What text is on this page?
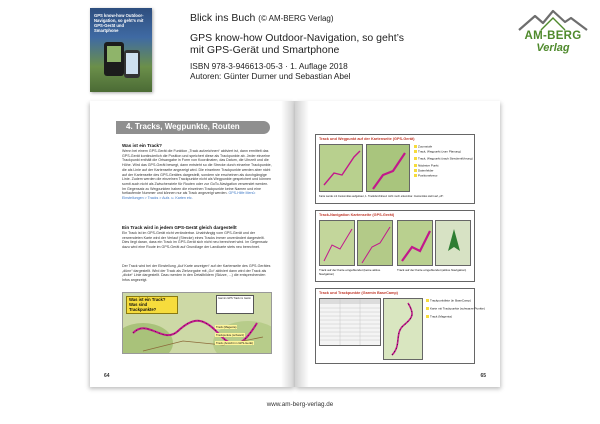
GPS know-how Outdoor-Navigation, so geht’s mit GPS-Gerät und Smartphone
Blick ins Buch (© AM-BERG Verlag)
GPS know-how Outdoor-Navigation, so geht’s
mit GPS-Gerät und Smartphone
ISBN 978-3-946613-05-3 · 1. Auflage 2018
Autoren: Günter Durner und Sebastian Abel
AM-BERG
Verlag
4. Tracks, Wegpunkte, Routen
Was ist ein Track?
Wenn bei einem GPS-Gerät die Funktion „Track aufzeichnen“ aktiviert ist, dann ermittelt das GPS-Gerät kontinuierlich die Position und speichert diese als Trackpunkte ab. Jeder einzelne Trackpunkt enthält die Ortsangabe in Form von Koordinaten, das Datum, die Uhrzeit und die Höhe. Wird das GPS-Gerät bewegt, dann entsteht so die Strecke durch einzelne Trackpunkte, die als Linie auf der Kartenseite angezeigt wird. Die einzelnen Trackpunkte werden aber nicht auf der Kartenseite des GPS-Gerätes dargestellt, sondern sie erscheinen als durchgängige Linie. Zudem werden die einzelnen Trackpunkte nicht als Wegpunkte gespeichert und können somit auch nicht als Zwischenziele für Routen oder zur GoTo-Navigation verwendet werden. Im Gegensatz zu Wegpunkten haben die einzelnen Trackpunkte keine Namen und eine fortlaufende Nummer und können nur als Track angezeigt werden. GPS-Hilfe Menü: Einstellungen > Tracks > Aufz. u. Karten etc.
Ein Track wird in jedem GPS-Gerät gleich dargestellt
Ein Track ist im GPS-Gerät nicht veränderbar. Unabhängig vom GPS-Gerät und der verwendeten Karte wird der Verlauf (Strecke) eines Tracks immer unverändert dargestellt. Dies liegt daran, dass ein Track im GPS-Gerät sich nicht neu berechnet wird. Im Gegensatz dazu wird eine Route im GPS-Gerät auf Grundlage der Landkarte stets neu berechnet.
Der Track wird bei der Einstellung „Auf Karte anzeigen“ auf der Kartenseite des GPS-Gerätes „dünn“ dargestellt. Wird der Track als Zielvorgabe mit „Go“ aktiviert dann wird der Track als „dicke“ Linie dargestellt. Dazu werden in den Detailbildern (Skizze, ...) die entsprechenden Infos angezeigt.
Was ist ein Track?
Was sind Trackpunkte?
Garmin GPS Track im Gerät
Track (Magenta)
Trackpunkte (schwarz)
Track (Ansicht im GPS-Gerät)
64
Track und Wegpunkt auf der Kartenseite (GPS-Gerät)
Zoomstufe
Track, Wegpunkt (zum Planung)
Track, Wegpunkt (nach Streckenführung)
Nächster Punkt
Datenfelder
Positionskreuz
Karte wurde mit Customtiles aufgebaut, 1. Trackdurchkreuz nicht mehr erkennbar. Customtiles steht auf „off“.
Track-Navigation Kartenseite (GPS-Gerät)
Track auf der Karte eingeblendet (keine aktive Navigation)
Track auf der Karte eingeblendet (aktive Navigation)
Track und Trackpunkte (Garmin BaseCamp)
Trackpunktliste (in BaseCamp)
Karte mit Trackpunkte (schwarze Punkte)
Track (Magenta)
65
www.am-berg-verlag.de
